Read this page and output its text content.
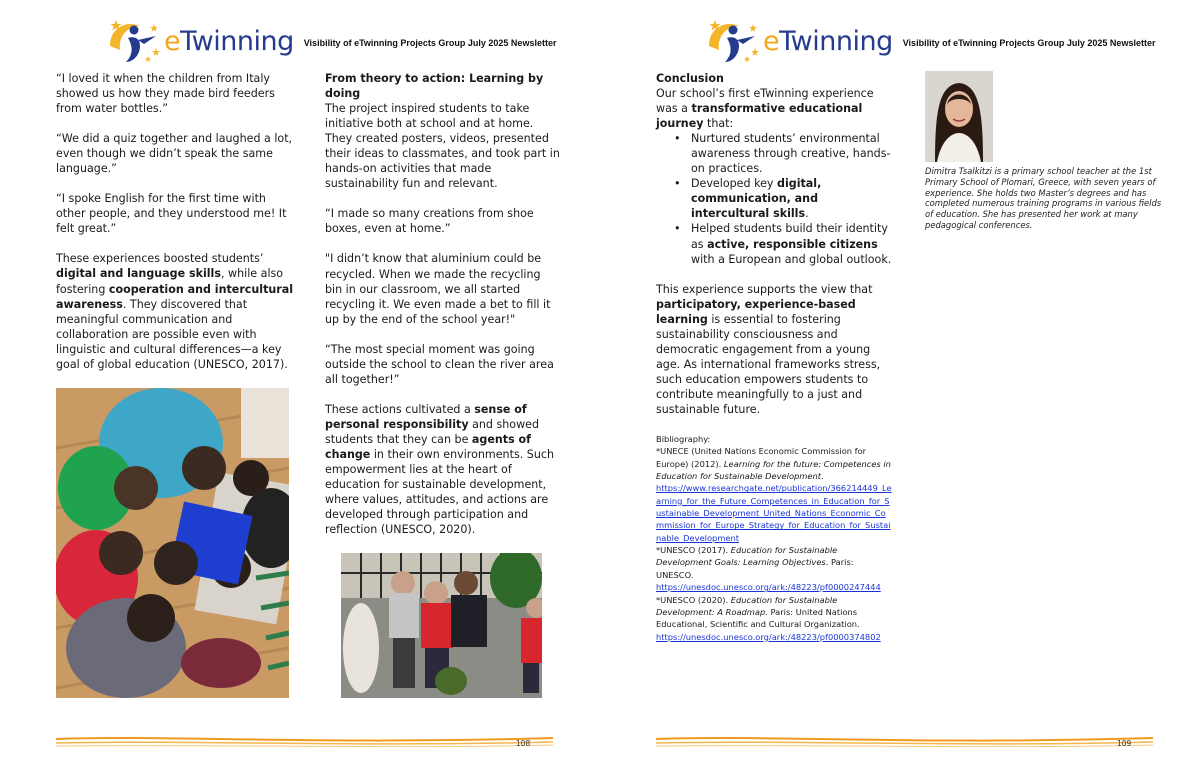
eTwinning Visibility of eTwinning Projects Group July 2025 Newsletter

“I loved it when the children from Italy showed us how they made bird feeders from water bottles.”

“We did a quiz together and laughed a lot, even though we didn’t speak the same language.”

“I spoke English for the first time with other people, and they understood me! It felt great.”

These experiences boosted students’ digital and language skills, while also fostering cooperation and intercultural awareness. They discovered that meaningful communication and collaboration are possible even with linguistic and cultural differences—a key goal of global education (UNESCO, 2017).

From theory to action: Learning by doing

The project inspired students to take initiative both at school and at home. They created posters, videos, presented their ideas to classmates, and took part in hands-on activities that made sustainability fun and relevant.

“I made so many creations from shoe boxes, even at home.”

"I didn’t know that aluminium could be recycled. When we made the recycling bin in our classroom, we all started recycling it. We even made a bet to fill it up by the end of the school year!"

“The most special moment was going outside the school to clean the river area all together!”

These actions cultivated a sense of personal responsibility and showed students that they can be agents of change in their own environments. Such empowerment lies at the heart of education for sustainable development, where values, attitudes, and actions are developed through participation and reflection (UNESCO, 2020).

108
eTwinning Visibility of eTwinning Projects Group July 2025 Newsletter

Conclusion

Our school’s first eTwinning experience was a transformative educational journey that:

• Nurtured students’ environmental awareness through creative, hands-on practices.
• Developed key digital, communication, and intercultural skills.
• Helped students build their identity as active, responsible citizens with a European and global outlook.

This experience supports the view that participatory, experience-based learning is essential to fostering sustainability consciousness and democratic engagement from a young age. As international frameworks stress, such education empowers students to contribute meaningfully to a just and sustainable future.

Bibliography:
*UNECE (United Nations Economic Commission for Europe) (2012). Learning for the future: Competences in Education for Sustainable Development.
https://www.researchgate.net/publication/366214449_Learning_for_the_Future_Competences_in_Education_for_Sustainable_Development_United_Nations_Economic_Commission_for_Europe_Strategy_for_Education_for_Sustainable_Development
*UNESCO (2017). Education for Sustainable Development Goals: Learning Objectives. Paris: UNESCO.
https://unesdoc.unesco.org/ark:/48223/pf0000247444
*UNESCO (2020). Education for Sustainable Development: A Roadmap. Paris: United Nations Educational, Scientific and Cultural Organization.
https://unesdoc.unesco.org/ark:/48223/pf0000374802
Dimitra Tsalkitzi is a primary school teacher at the 1st Primary School of Plomari, Greece, with seven years of experience. She holds two Master’s degrees and has completed numerous training programs in various fields of education. She has presented her work at many pedagogical conferences.
109
